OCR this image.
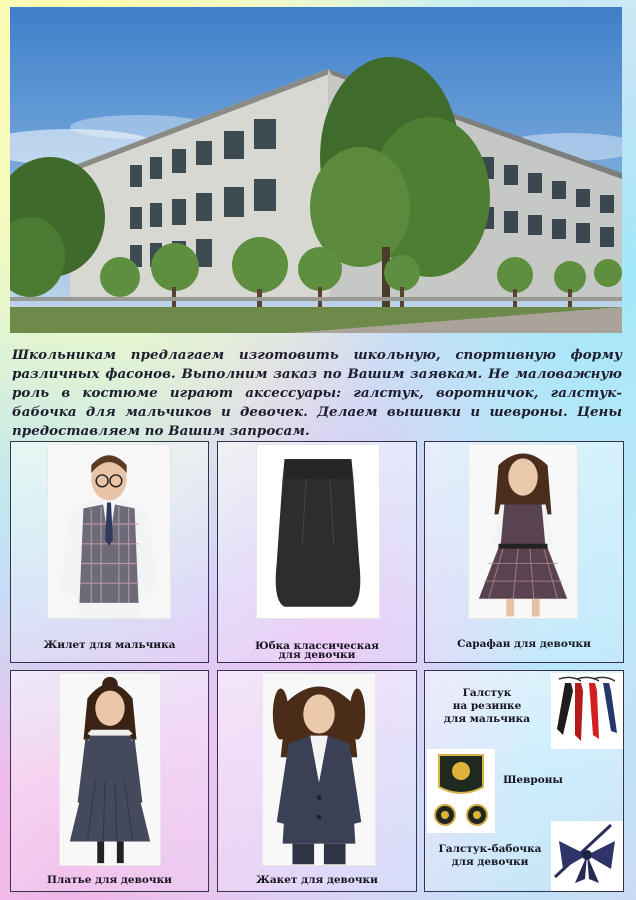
Школьникам предлагаем изготовить школьную, спортивную форму различных фасонов. Выполним заказ по Вашим заявкам. Не маловажную роль в костюме играют аксессуары: галстук, воротничок, галстук-бабочка для мальчиков и девочек. Делаем вышивки и шевроны. Цены предоставляем по Вашим запросам.

Жилет для мальчика	Юбка классическая
для девочки
Сарафан для девочки
Платье для девочки	Жакет для девочки
Галстук
на резинке
для мальчика
Шевроны
Галстук-бабочка
для девочки
